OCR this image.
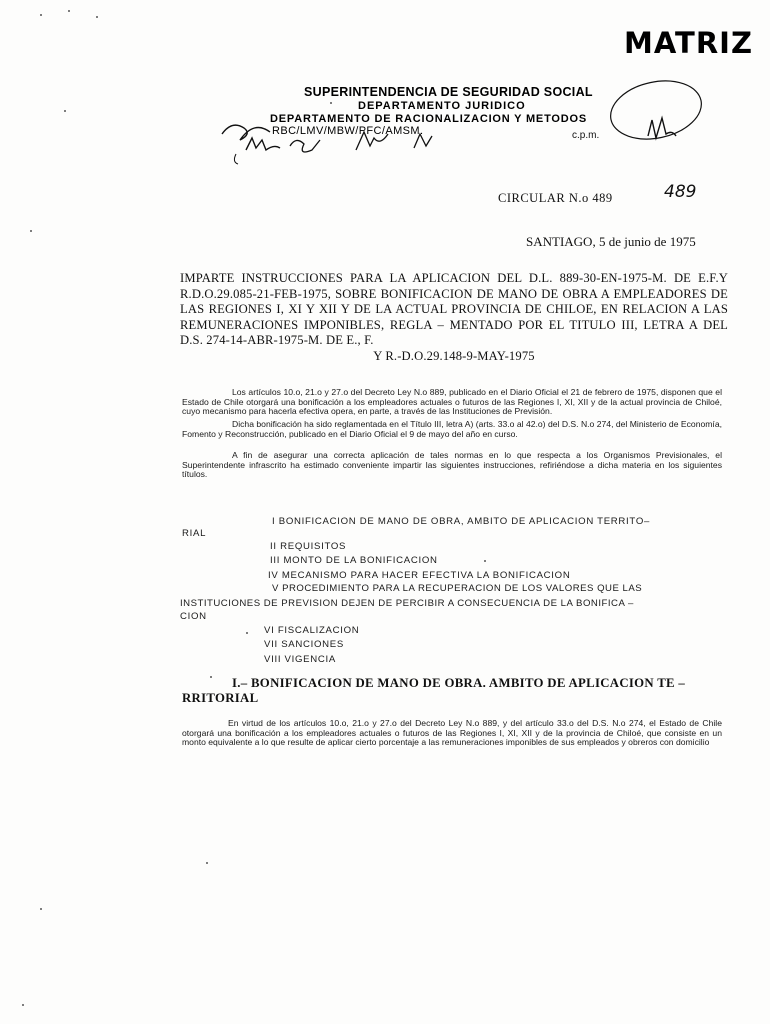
MATRIZ
SUPERINTENDENCIA DE SEGURIDAD SOCIAL
DEPARTAMENTO JURIDICO
DEPARTAMENTO DE RACIONALIZACION Y METODOS
RBC/LMV/MBW/PFC/AMSM.	c.p.m.
CIRCULAR N.o 489	489
SANTIAGO, 5 de junio de 1975
IMPARTE INSTRUCCIONES PARA LA APLICACION DEL D.L. 889-30-EN-1975-M. DE E.F.Y R.D.O.29.085-21-FEB-1975, SOBRE BONIFICACION DE MANO DE OBRA A EMPLEADORES DE LAS REGIONES I, XI Y XII Y DE LA ACTUAL PROVINCIA DE CHILOE, EN RELACION A LAS REMUNERACIONES IMPONIBLES, REGLA – MENTADO POR EL TITULO III, LETRA A DEL D.S. 274-14-ABR-1975-M. DE E., F.
Y R.-D.O.29.148-9-MAY-1975
Los artículos 10.o, 21.o y 27.o del Decreto Ley N.o 889, publicado en el Diario Oficial el 21 de febrero de 1975, disponen que el Estado de Chile otorgará una bonificación a los empleadores actuales o futuros de las Regiones I, XI, XII y de la actual provincia de Chiloé, cuyo mecanismo para hacerla efectiva opera, en parte, a través de las Instituciones de Previsión.
Dicha bonificación ha sido reglamentada en el Título III, letra A) (arts. 33.o al 42.o) del D.S. N.o 274, del Ministerio de Economía, Fomento y Reconstrucción, publicado en el Diario Oficial el 9 de mayo del año en curso.
A fin de asegurar una correcta aplicación de tales normas en lo que respecta a los Organismos Previsionales, el Superintendente infrascrito ha estimado conveniente impartir las siguientes instrucciones, refiriéndose a dicha materia en los siguientes títulos.
I BONIFICACION DE MANO DE OBRA, AMBITO DE APLICACION TERRITO–
RIAL
II REQUISITOS
III MONTO DE LA BONIFICACION
IV MECANISMO PARA HACER EFECTIVA LA BONIFICACION
V PROCEDIMIENTO PARA LA RECUPERACION DE LOS VALORES QUE LAS
INSTITUCIONES DE PREVISION DEJEN DE PERCIBIR A CONSECUENCIA DE LA BONIFICA –
CION
VI FISCALIZACION
VII SANCIONES
VIII VIGENCIA
I.– BONIFICACION DE MANO DE OBRA. AMBITO DE APLICACION TE –
RRITORIAL
En virtud de los artículos 10.o, 21.o y 27.o del Decreto Ley N.o 889, y del artículo 33.o del D.S. N.o 274, el Estado de Chile otorgará una bonificación a los empleadores actuales o futuros de las Regiones I, XI, XII y de la provincia de Chiloé, que consiste en un monto equivalente a lo que resulte de aplicar cierto porcentaje a las remuneraciones imponibles de sus empleados y obreros con domicilio
